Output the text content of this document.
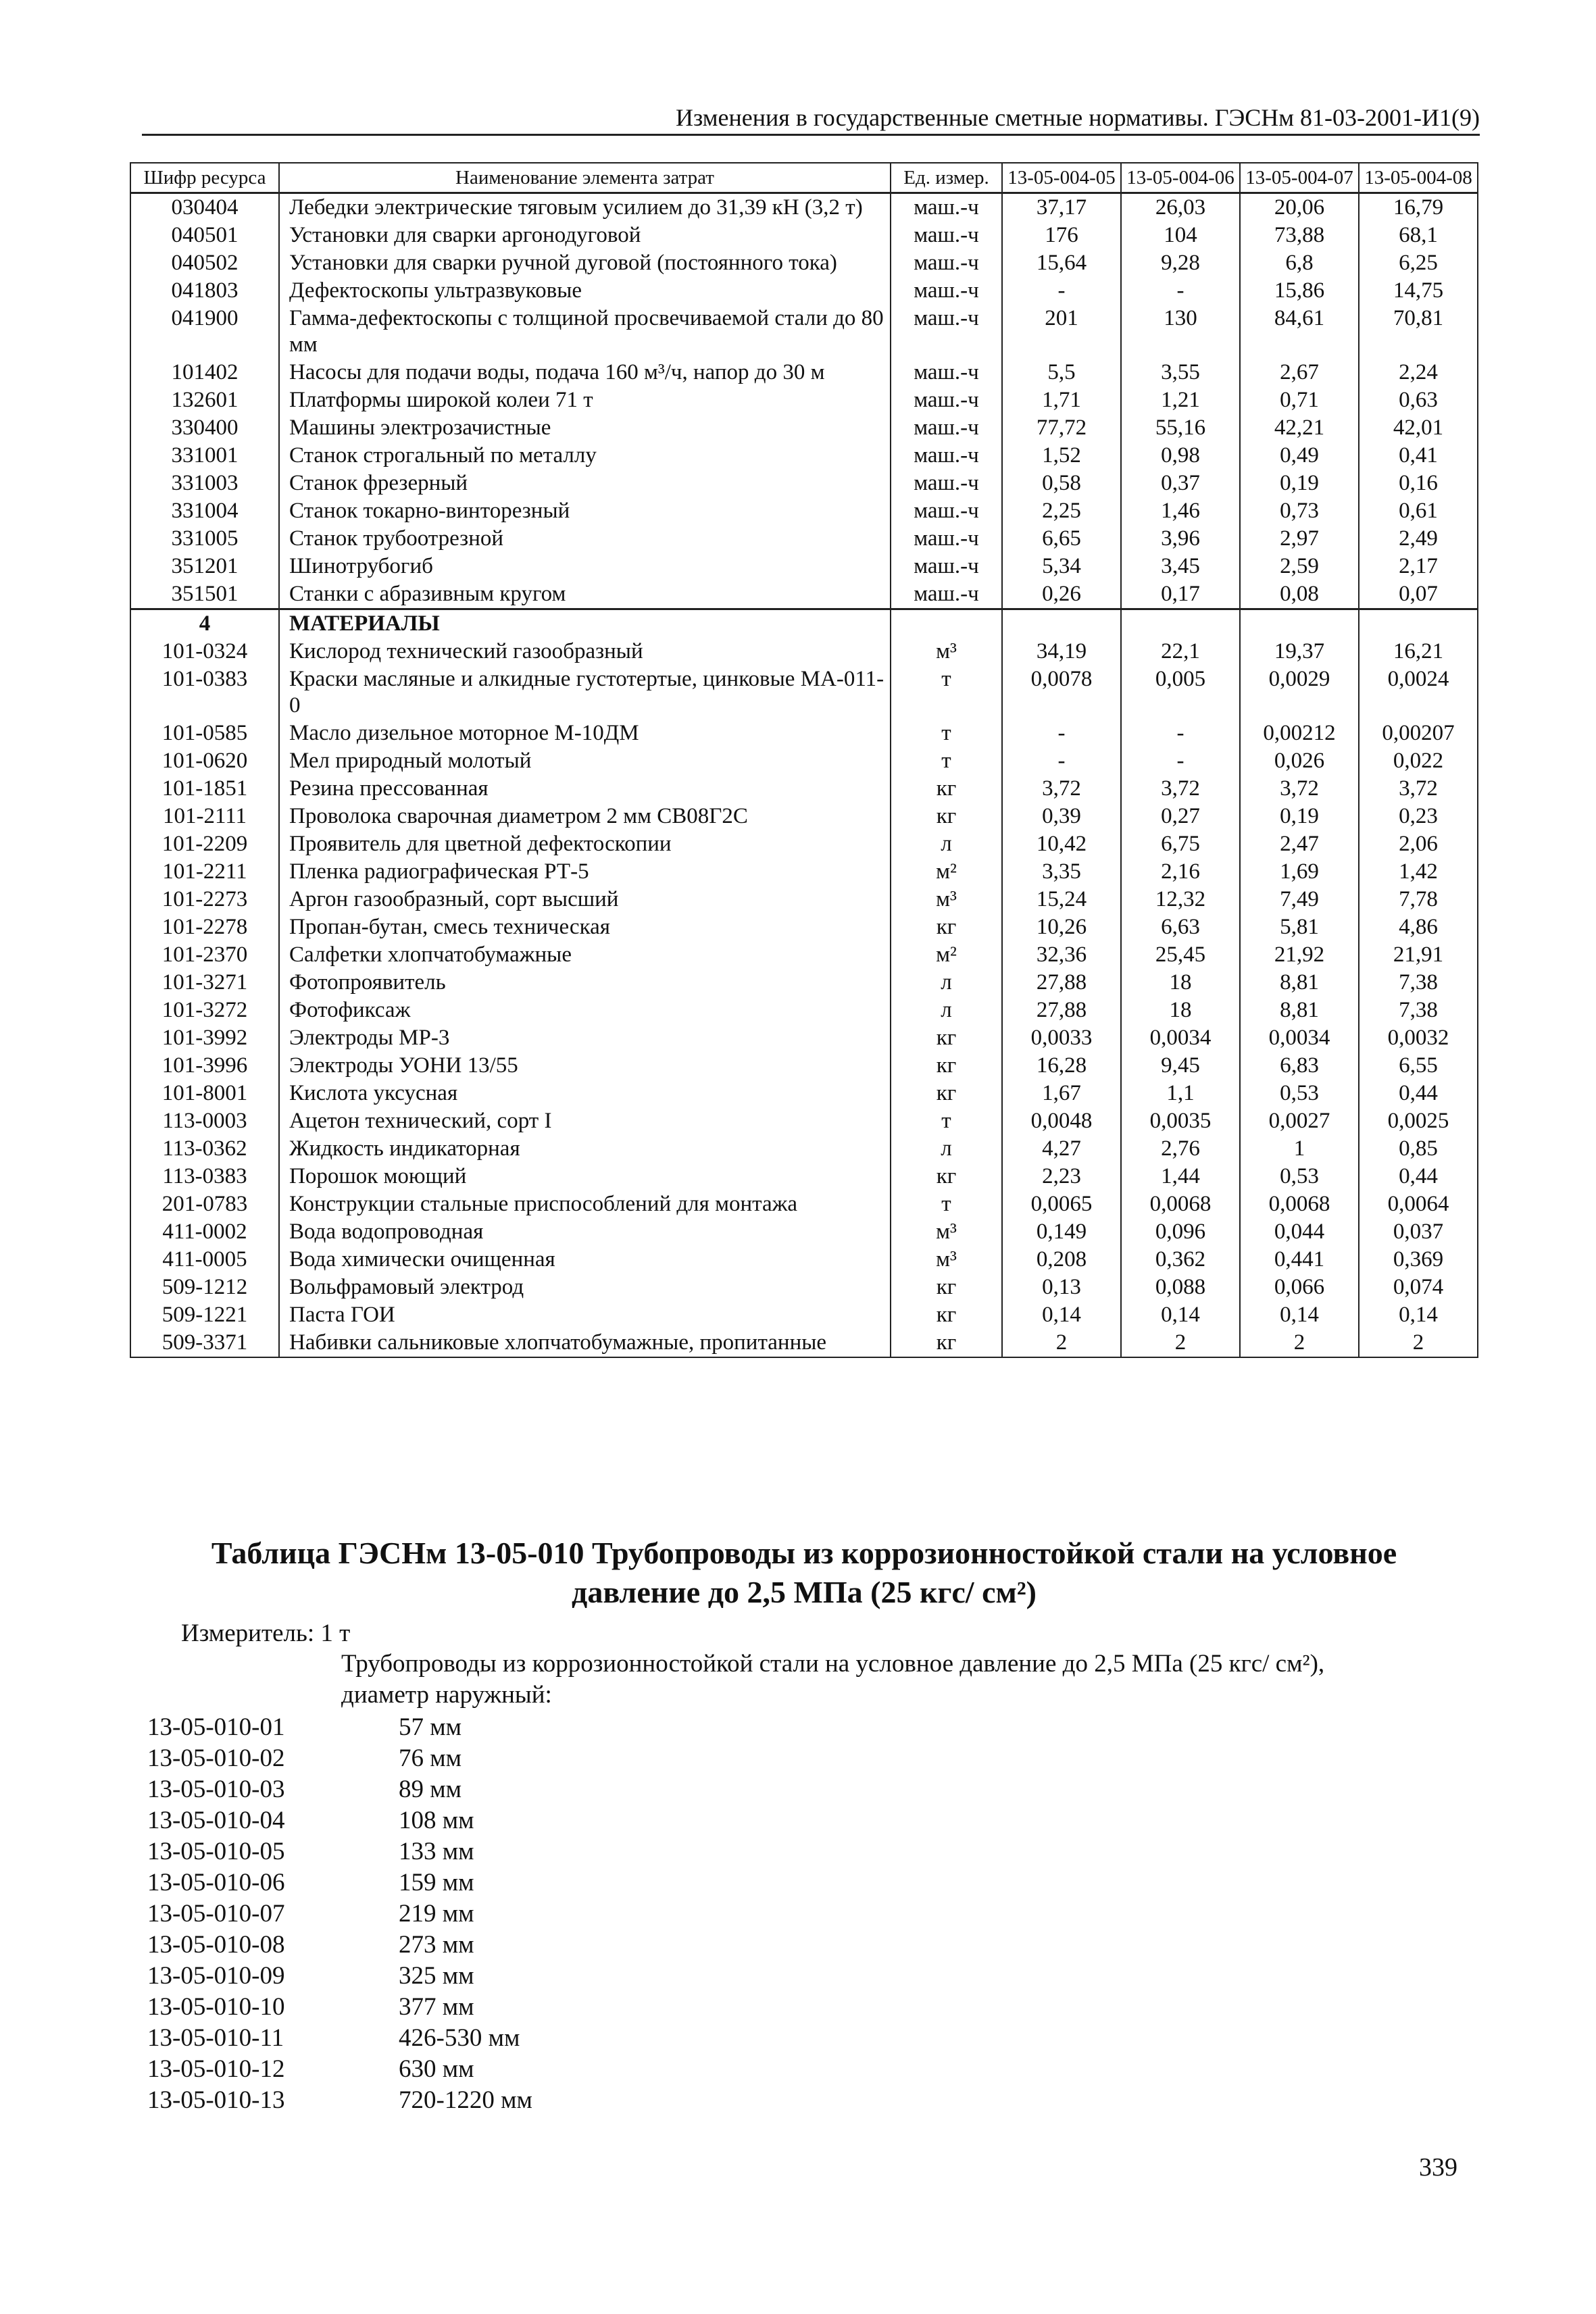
Изменения в государственные сметные нормативы. ГЭСНм 81-03-2001-И1(9)
Шифр ресурса	Наименование элемента затрат	Ед. измер.	13-05-004-05	13-05-004-06	13-05-004-07	13-05-004-08
030404	Лебедки электрические тяговым усилием до 31,39 кН (3,2 т)	маш.-ч	37,17	26,03	20,06	16,79
040501	Установки для сварки аргонодуговой	маш.-ч	176	104	73,88	68,1
040502	Установки для сварки ручной дуговой (постоянного тока)	маш.-ч	15,64	9,28	6,8	6,25
041803	Дефектоскопы ультразвуковые	маш.-ч	-	-	15,86	14,75
041900	Гамма-дефектоскопы с толщиной просвечиваемой стали до 80 мм	маш.-ч	201	130	84,61	70,81
101402	Насосы для подачи воды, подача 160 м³/ч, напор до 30 м	маш.-ч	5,5	3,55	2,67	2,24
132601	Платформы широкой колеи 71 т	маш.-ч	1,71	1,21	0,71	0,63
330400	Машины электрозачистные	маш.-ч	77,72	55,16	42,21	42,01
331001	Станок строгальный по металлу	маш.-ч	1,52	0,98	0,49	0,41
331003	Станок фрезерный	маш.-ч	0,58	0,37	0,19	0,16
331004	Станок токарно-винторезный	маш.-ч	2,25	1,46	0,73	0,61
331005	Станок трубоотрезной	маш.-ч	6,65	3,96	2,97	2,49
351201	Шинотрубогиб	маш.-ч	5,34	3,45	2,59	2,17
351501	Станки с абразивным кругом	маш.-ч	0,26	0,17	0,08	0,07
4	МАТЕРИАЛЫ					
101-0324	Кислород технический газообразный	м³	34,19	22,1	19,37	16,21
101-0383	Краски масляные и алкидные густотертые, цинковые МА-011-0	т	0,0078	0,005	0,0029	0,0024
101-0585	Масло дизельное моторное М-10ДМ	т	-	-	0,00212	0,00207
101-0620	Мел природный молотый	т	-	-	0,026	0,022
101-1851	Резина прессованная	кг	3,72	3,72	3,72	3,72
101-2111	Проволока сварочная диаметром 2 мм СВ08Г2С	кг	0,39	0,27	0,19	0,23
101-2209	Проявитель для цветной дефектоскопии	л	10,42	6,75	2,47	2,06
101-2211	Пленка радиографическая РТ-5	м²	3,35	2,16	1,69	1,42
101-2273	Аргон газообразный, сорт высший	м³	15,24	12,32	7,49	7,78
101-2278	Пропан-бутан, смесь техническая	кг	10,26	6,63	5,81	4,86
101-2370	Салфетки хлопчатобумажные	м²	32,36	25,45	21,92	21,91
101-3271	Фотопроявитель	л	27,88	18	8,81	7,38
101-3272	Фотофиксаж	л	27,88	18	8,81	7,38
101-3992	Электроды МР-3	кг	0,0033	0,0034	0,0034	0,0032
101-3996	Электроды УОНИ 13/55	кг	16,28	9,45	6,83	6,55
101-8001	Кислота уксусная	кг	1,67	1,1	0,53	0,44
113-0003	Ацетон технический, сорт I	т	0,0048	0,0035	0,0027	0,0025
113-0362	Жидкость индикаторная	л	4,27	2,76	1	0,85
113-0383	Порошок моющий	кг	2,23	1,44	0,53	0,44
201-0783	Конструкции стальные приспособлений для монтажа	т	0,0065	0,0068	0,0068	0,0064
411-0002	Вода водопроводная	м³	0,149	0,096	0,044	0,037
411-0005	Вода химически очищенная	м³	0,208	0,362	0,441	0,369
509-1212	Вольфрамовый электрод	кг	0,13	0,088	0,066	0,074
509-1221	Паста ГОИ	кг	0,14	0,14	0,14	0,14
509-3371	Набивки сальниковые хлопчатобумажные, пропитанные	кг	2	2	2	2
Таблица ГЭСНм 13-05-010 Трубопроводы из коррозионностойкой стали на условное
давление до 2,5 МПа (25 кгс/ см²)
Измеритель: 1 т
Трубопроводы из коррозионностойкой стали на условное давление до 2,5 МПа (25 кгс/ см²),
диаметр наружный:
13-05-010-01	57 мм
13-05-010-02	76 мм
13-05-010-03	89 мм
13-05-010-04	108 мм
13-05-010-05	133 мм
13-05-010-06	159 мм
13-05-010-07	219 мм
13-05-010-08	273 мм
13-05-010-09	325 мм
13-05-010-10	377 мм
13-05-010-11	426-530 мм
13-05-010-12	630 мм
13-05-010-13	720-1220 мм
339
